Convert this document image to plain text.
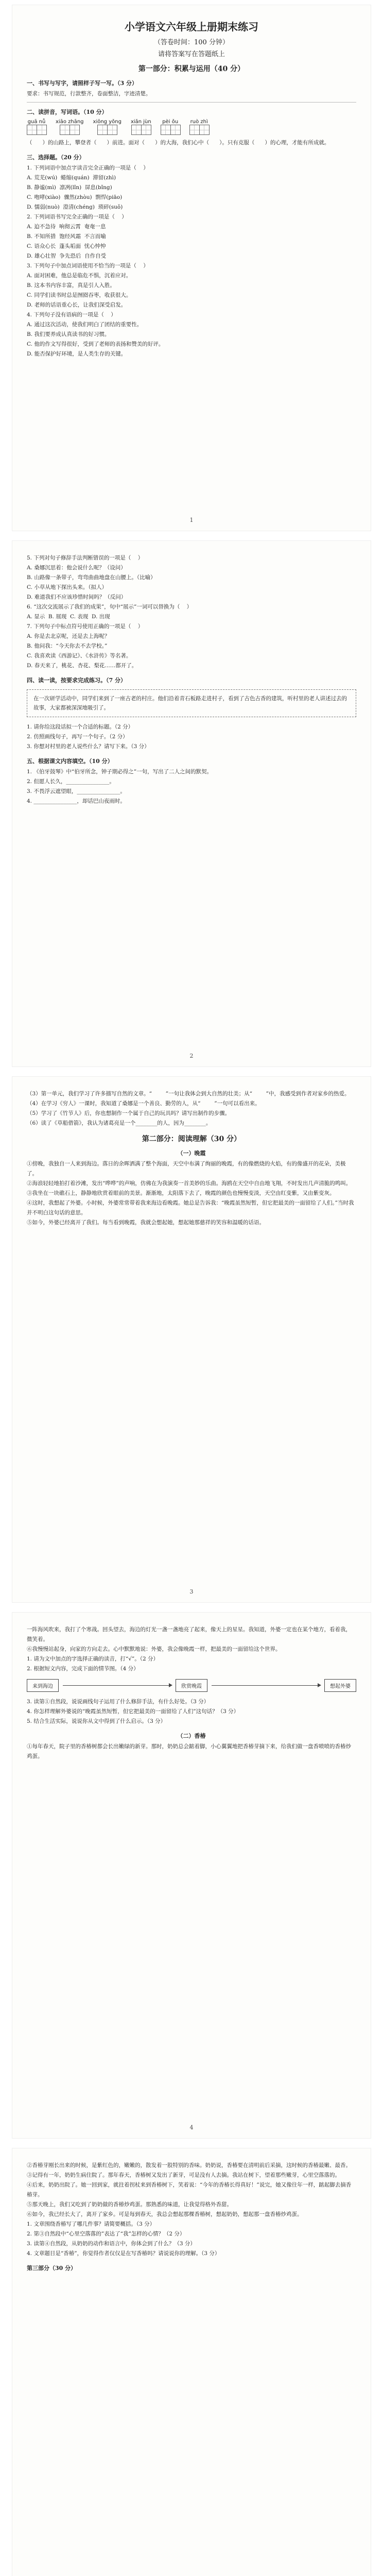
小学语文六年级上册期末练习
（答卷时间：100 分钟）
请将答案写在答题纸上
第一部分：积累与运用（40 分）
一、书写与写字，请照样子写一写。（3 分）

要求：书写规范，行款整齐，卷面整洁，字迹清楚。

二、读拼音，写词语。（10 分）
guā nǚ xiāo zhāng xiōng yǒng xiǎn jùn pèi ǒu ruò zhì

（      ）的山路上，攀登者（      ）前进。面对（      ）的大海，我们心中（      ）。只有克服（      ）的心理，才能有所成就。

三、选择题。（20 分）

1. 下列词语中加点字读音完全正确的一项是（    ）
A. 荒芜(wú)  蜷缩(quán)  滞留(zhì)
B. 静谧(mì)  凛冽(lǐn)  屏息(bǐng)
C. 咆哮(xiào)  骤然(zhòu)  剽悍(piāo)
D. 懦弱(nuò)  澄清(chéng)  琐碎(suǒ)
2. 下列词语书写完全正确的一项是（    ）
A. 迫不急待  响彻云霄  奄奄一息
B. 不知所措  饱经风霜  不言而喻
C. 语众心长  蓬头垢面  忧心忡忡
D. 雄心壮智  争先恐后  自作自受
3. 下列句子中加点词语使用不恰当的一项是（    ）
A. 面对困难，他总是临危不惧，沉着应对。
B. 这本书内容丰富，真是引人入胜。
C. 同学们读书时总是囫囵吞枣，收获很大。
D. 老师的话语重心长，让我们深受启发。
4. 下列句子没有语病的一项是（    ）
A. 通过这次活动，使我们明白了团结的重要性。
B. 我们要养成认真读书的好习惯。
C. 他的作文写得很好，受到了老师的表扬和赞美的好评。
D. 能否保护好环境，是人类生存的关键。

1

5. 下列对句子修辞手法判断错误的一项是（    ）
A. 桑娜沉思着：他会说什么呢？（设问）
B. 山路像一条带子，弯弯曲曲地盘在山腰上。（比喻）
C. 小草从地下探出头来。（拟人）
D. 难道我们不应该珍惜时间吗？（反问）
6. “这次交流展示了我们的成果”，句中“展示”一词可以替换为（    ）
A. 显示  B. 展现  C. 表现  D. 出现
7. 下列句子中标点符号使用正确的一项是（    ）
A. 你是去北京呢，还是去上海呢？
B. 他问我：“今天你去不去学校。”
C. 我喜欢读《西游记》、《水浒传》等名著。
D. 春天来了，桃花、杏花、梨花……都开了。

四、读一读，按要求完成练习。（7 分）
在一次研学活动中，同学们来到了一座古老的村庄。他们沿着青石板路走进村子，看到了古色古香的建筑，听村里的老人讲述过去的故事，大家都被深深地吸引了。

1. 请你给这段话拟一个合适的标题。（2 分）
2. 仿照画线句子，再写一个句子。（2 分）
3. 你想对村里的老人说些什么？请写下来。（3 分）

五、根据课文内容填空。（10 分）

1. 《伯牙鼓琴》中“伯牙所念，钟子期必得之”一句，写出了二人之间的默契。
2. 但愿人长久，________________。
3. 不畏浮云遮望眼，________________。
4. ________________，却话巴山夜雨时。

2

（3）第一单元，我们学习了许多描写自然的文章。“        ”一句让我体会到大自然的壮美；从“        ”中，我感受到作者对家乡的热爱。
（4）在学习《穷人》一课时，我知道了桑娜是一个善良、勤劳的人，从“        ”一句可以看出来。
（5）学习了《竹节人》后，你也想制作一个属于自己的玩具吗？请写出制作的步骤。
（6）读了《草船借箭》，我认为诸葛亮是一个________的人，因为________。

第二部分：阅读理解（30 分）
（一）晚霞

①傍晚，我独自一人来到海边。落日的余晖洒满了整个海面，天空中布满了绚丽的晚霞，有的像燃烧的火焰，有的像盛开的花朵，美极了。
②海浪轻轻地拍打着沙滩，发出“哗哗”的声响，仿佛在为我演奏一首美妙的乐曲。海鸥在天空中自由地飞翔，不时发出几声清脆的鸣叫。
③我坐在一块礁石上，静静地欣赏着眼前的美景。渐渐地，太阳落下去了，晚霞的颜色也慢慢变淡，天空由红变紫，又由紫变灰。
④这时，我想起了外婆。小时候，外婆常常带着我来海边看晚霞。她总是告诉我：“晚霞虽然短暂，但它把最美的一面留给了人们。”当时我并不明白这句话的意思。
⑤如今，外婆已经离开了我们。每当看到晚霞，我就会想起她，想起她那慈祥的笑容和温暖的话语。

3

一阵海风吹来，我打了个寒战。回头望去，海边的灯光一盏一盏地亮了起来，像天上的星星。我知道，外婆一定也在某个地方，看着我，微笑着。
⑥我慢慢站起身，向家的方向走去。心中默默地说：外婆，我会像晚霞一样，把最美的一面留给这个世界。

1. 请为文中加点的字选择正确的读音，打“√”。（2 分）
2. 根据短文内容，完成下面的情节图。（4 分）

来到海边	欣赏晚霞	想起外婆

3. 读第①自然段，说说画线句子运用了什么修辞手法，有什么好处。（3 分）
4. 你怎样理解外婆说的“晚霞虽然短暂，但它把最美的一面留给了人们”这句话？（3 分）
5. 结合生活实际，说说你从文中得到了什么启示。（3 分）

（二）香椿

①每年春天，院子里的香椿树都会长出嫩绿的新芽。那时，奶奶总会踮着脚，小心翼翼地把香椿芽摘下来，给我们做一盘香喷喷的香椿炒鸡蛋。

4

②香椿芽刚长出来的时候，是紫红色的，嫩嫩的，散发着一股特别的香味。奶奶说，香椿要在清明前后采摘，这时候的香椿最嫩、最香。
③记得有一年，奶奶生病住院了。那年春天，香椿树又发出了新芽，可是没有人去摘。我站在树下，望着那些嫩芽，心里空落落的。
④后来，奶奶出院了。她一回到家，就拄着拐杖来到香椿树下，笑着说：“今年的香椿长得真好！”说完，她又像往年一样，踮起脚去摘香椿芽。
⑤那天晚上，我们又吃到了奶奶做的香椿炒鸡蛋。那熟悉的味道，让我觉得格外香甜。
⑥如今，我已经长大了，离开了家乡。可是每到春天，我总会想起那棵香椿树，想起奶奶，想起那一盘香椿炒鸡蛋。

1. 文章围绕香椿写了哪几件事？请简要概括。（3 分）
2. 第③自然段中“心里空落落的”表达了“我”怎样的心情？（2 分）
3. 读第④自然段，从奶奶的动作和语言中，你体会到了什么？（3 分）
4. 文章题目是“香椿”，你觉得作者仅仅是在写香椿吗？请说说你的理解。（3 分）

第三部分（30 分）
